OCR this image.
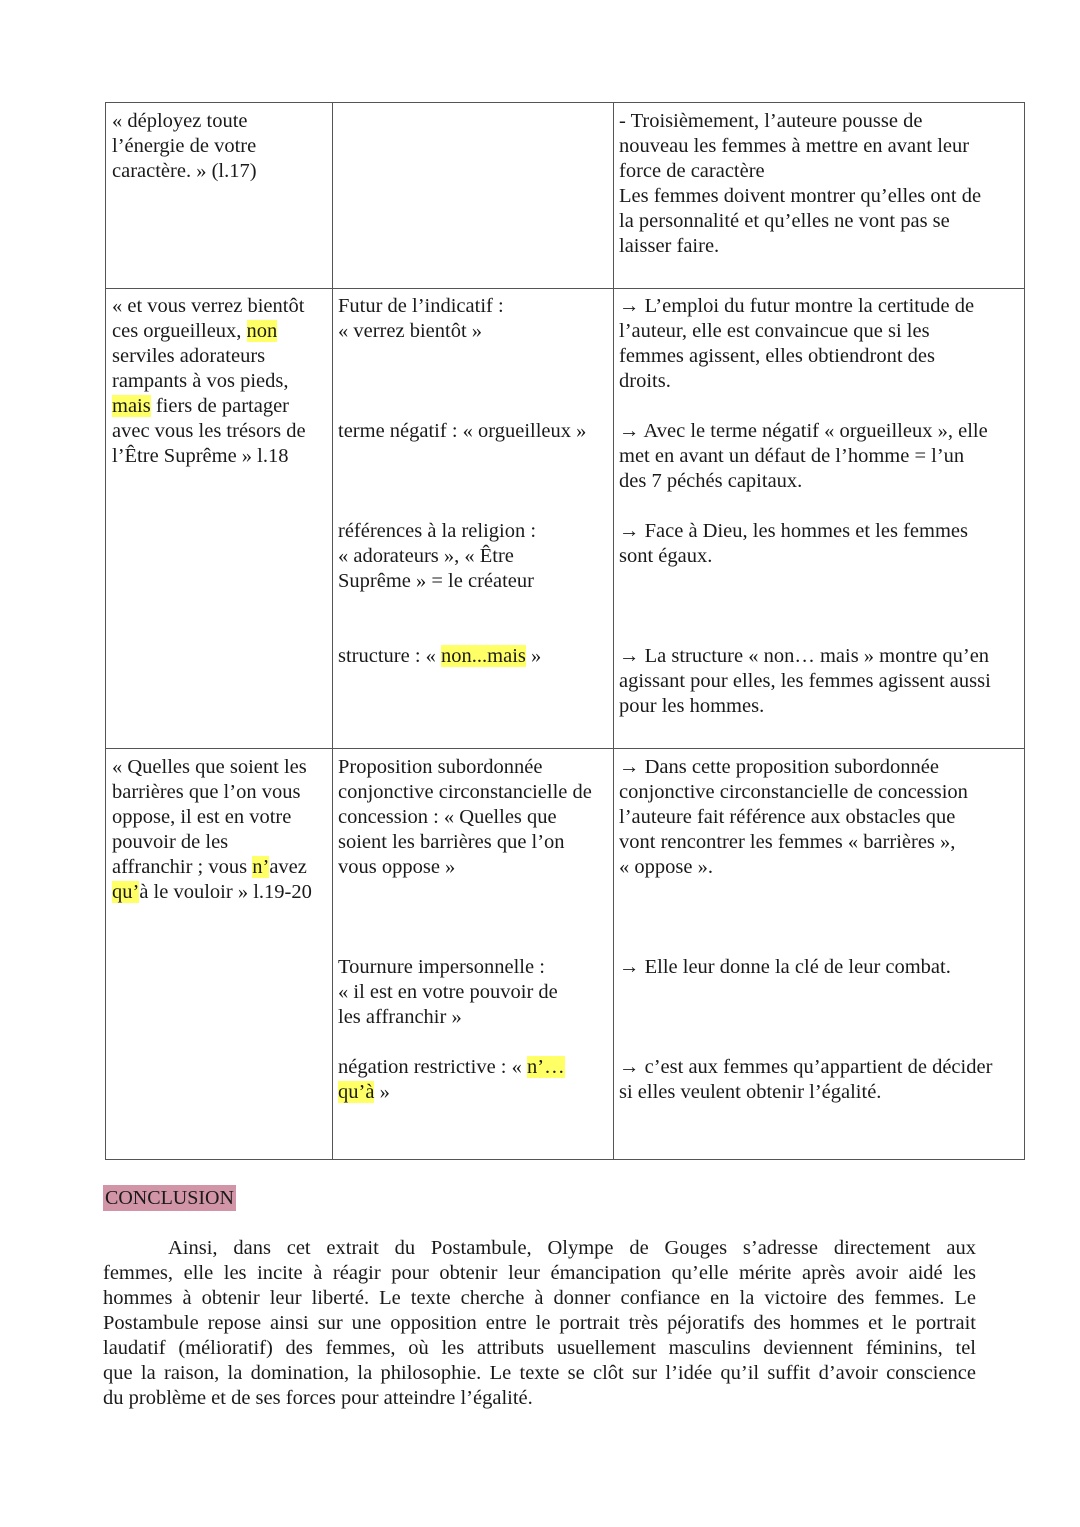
« déployez toute
l’énergie de votre
caractère. » (l.17)
- Troisièmement, l’auteure pousse de
nouveau les femmes à mettre en avant leur
force de caractère
Les femmes doivent montrer qu’elles ont de
la personnalité et qu’elles ne vont pas se
laisser faire.
« et vous verrez bientôt
ces orgueilleux, non
serviles adorateurs
rampants à vos pieds,
mais fiers de partager
avec vous les trésors de
l’Être Suprême » l.18
Futur de l’indicatif :
« verrez bientôt »
terme négatif : « orgueilleux »
références à la religion :
« adorateurs », « Être
Suprême » = le créateur
structure : « non...mais »
→ L’emploi du futur montre la certitude de
l’auteur, elle est convaincue que si les
femmes agissent, elles obtiendront des
droits.
→ Avec le terme négatif « orgueilleux », elle
met en avant un défaut de l’homme = l’un
des 7 péchés capitaux.
→ Face à Dieu, les hommes et les femmes
sont égaux.
→ La structure « non… mais » montre qu’en
agissant pour elles, les femmes agissent aussi
pour les hommes.
« Quelles que soient les
barrières que l’on vous
oppose, il est en votre
pouvoir de les
affranchir ; vous n’avez
qu’à le vouloir » l.19-20
Proposition subordonnée
conjonctive circonstancielle de
concession : « Quelles que
soient les barrières que l’on
vous oppose »
Tournure impersonnelle :
« il est en votre pouvoir de
les affranchir »
négation restrictive : « n’…
qu’à »
→ Dans cette proposition subordonnée
conjonctive circonstancielle de concession
l’auteure fait référence aux obstacles que
vont rencontrer les femmes « barrières »,
« oppose ».
→ Elle leur donne la clé de leur combat.
→ c’est aux femmes qu’appartient de décider
si elles veulent obtenir l’égalité.
CONCLUSION
Ainsi, dans cet extrait du Postambule, Olympe de Gouges s’adresse directement aux
femmes, elle les incite à réagir pour obtenir leur émancipation qu’elle mérite après avoir aidé les
hommes à obtenir leur liberté. Le texte cherche à donner confiance en la victoire des femmes. Le
Postambule repose ainsi sur une opposition entre le portrait très péjoratifs des hommes et le portrait
laudatif (mélioratif) des femmes, où les attributs usuellement masculins deviennent féminins, tel
que la raison, la domination, la philosophie. Le texte se clôt sur l’idée qu’il suffit d’avoir conscience
du problème et de ses forces pour atteindre l’égalité.
